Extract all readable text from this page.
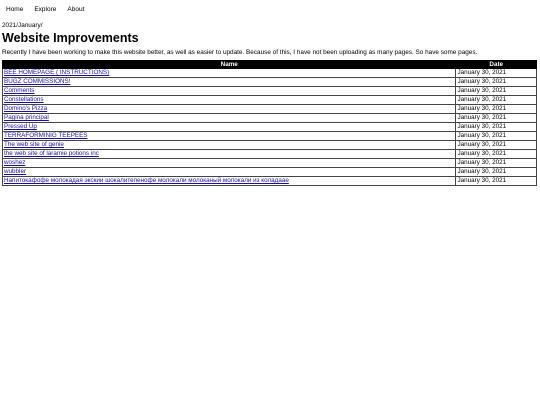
Home Explore About
2021/January/
Website Improvements
Recently I have been working to make this website better, as well as easier to update. Because of this, I have not been uploading as many pages. So have some pages.
Name	Date
BEE HOMEPAGE ( INSTRUCTIONS)	January 30, 2021
BUGZ COMMISSIONS!	January 30, 2021
Comments	January 30, 2021
Constellations	January 30, 2021
Domino's Pizza	January 30, 2021
Pagina principal	January 30, 2021
Pressed Up	January 30, 2021
TERRAFORMINIG TEEPEES	January 30, 2021
The web site of genie	January 30, 2021
the web site of laramie potions inc	January 30, 2021
woshez	January 30, 2021
wubbler	January 30, 2021
Напитокафофе молокадая экскии шокалитепенофе молокали молоканый молокали из коладаае	January 30, 2021
